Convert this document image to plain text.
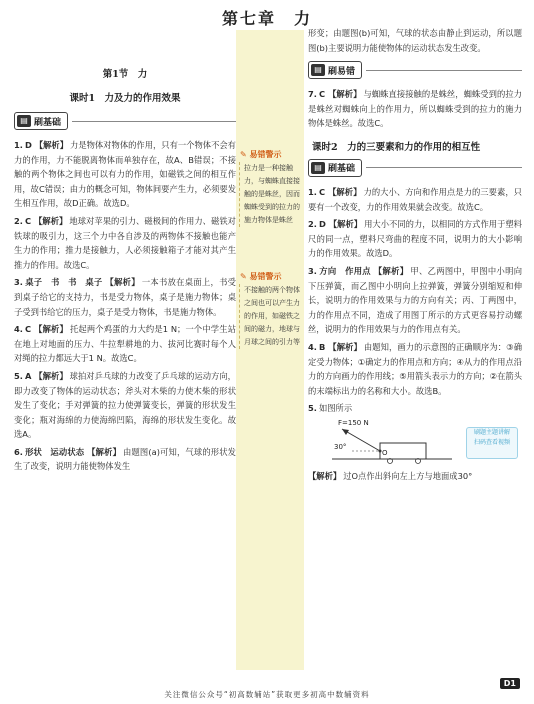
第七章　力
✎ 易错警示
拉力是一种接触力，与蜘蛛直接接触的是蛛丝，因而蜘蛛受到的拉力的施力物体是蛛丝
✎ 易错警示
不接触的两个物体之间也可以产生力的作用，如磁铁之间的磁力，地球与月球之间的引力等
第1节　力
课时1　力及力的作用效果
▤ 刷基础
1. D 【解析】 力是物体对物体的作用，只有一个物体不会有力的作用，力不能脱离物体而单独存在，故A、B错误；不接触的两个物体之间也可以有力的作用，如磁铁之间的相互作用，故C错误；由力的概念可知，物体间要产生力，必须要发生相互作用，故D正确。故选D。
2. C 【解析】 地球对苹果的引力、磁极间的作用力、磁铁对铁球的吸引力，这三个力中各自涉及的两物体不接触也能产生力的作用；推力是接触力，人必须接触箱子才能对其产生推力的作用。故选C。
3. 桌子　书　书　桌子 【解析】 一本书放在桌面上，书受到桌子给它的支持力，书是受力物体，桌子是施力物体；桌子受到书给它的压力，桌子是受力物体，书是施力物体。
4. C 【解析】 托起两个鸡蛋的力大约是1 N；一个中学生站在地上对地面的压力、牛拉犁耕地的力、拔河比赛时每个人对绳的拉力都远大于1 N。故选C。
5. A 【解析】 球拍对乒乓球的力改变了乒乓球的运动方向，即力改变了物体的运动状态；斧头对木柴的力使木柴的形状发生了变化；手对弹簧的拉力使弹簧变长，弹簧的形状发生变化；瓶对海绵的力使海绵凹陷，海绵的形状发生变化。故选A。
6. 形状　运动状态 【解析】 由题图(a)可知，气球的形状发生了改变，说明力能使物体发生
形变；由题图(b)可知，气球的状态由静止到运动，所以题图(b)主要说明力能使物体的运动状态发生改变。
▤ 刷易错
7. C 【解析】 与蜘蛛直接接触的是蛛丝，蜘蛛受到的拉力是蛛丝对蜘蛛向上的作用力，所以蜘蛛受到的拉力的施力物体是蛛丝。故选C。
课时2　力的三要素和力的作用的相互性
▤ 刷基础
1. C 【解析】 力的大小、方向和作用点是力的三要素，只要有一个改变，力的作用效果就会改变。故选C。
2. D 【解析】 用大小不同的力，以相同的方式作用于塑料尺的同一点，塑料尺弯曲的程度不同，说明力的大小影响力的作用效果。故选D。
3. 方向　作用点 【解析】 甲、乙两图中，甲图中小明向下压弹簧，而乙图中小明向上拉弹簧，弹簧分别缩短和伸长，说明力的作用效果与力的方向有关；丙、丁两图中，力的作用点不同，造成了用图丁所示的方式更容易拧动螺丝，说明力的作用效果与力的作用点有关。
4. B 【解析】 由题知，画力的示意图的正确顺序为：③确定受力物体；①确定力的作用点和方向；④从力的作用点沿力的方向画力的作用线；⑤用箭头表示力的方向；②在箭头的末端标出力的名称和大小。故选B。
5. 如图所示
F=150 N
30°
O
刷题主题讲解
扫码查看视频
【解析】 过O点作出斜向左上方与地面成30°
D1
关注微信公众号“初高数辅站”获取更多初高中数辅资料
